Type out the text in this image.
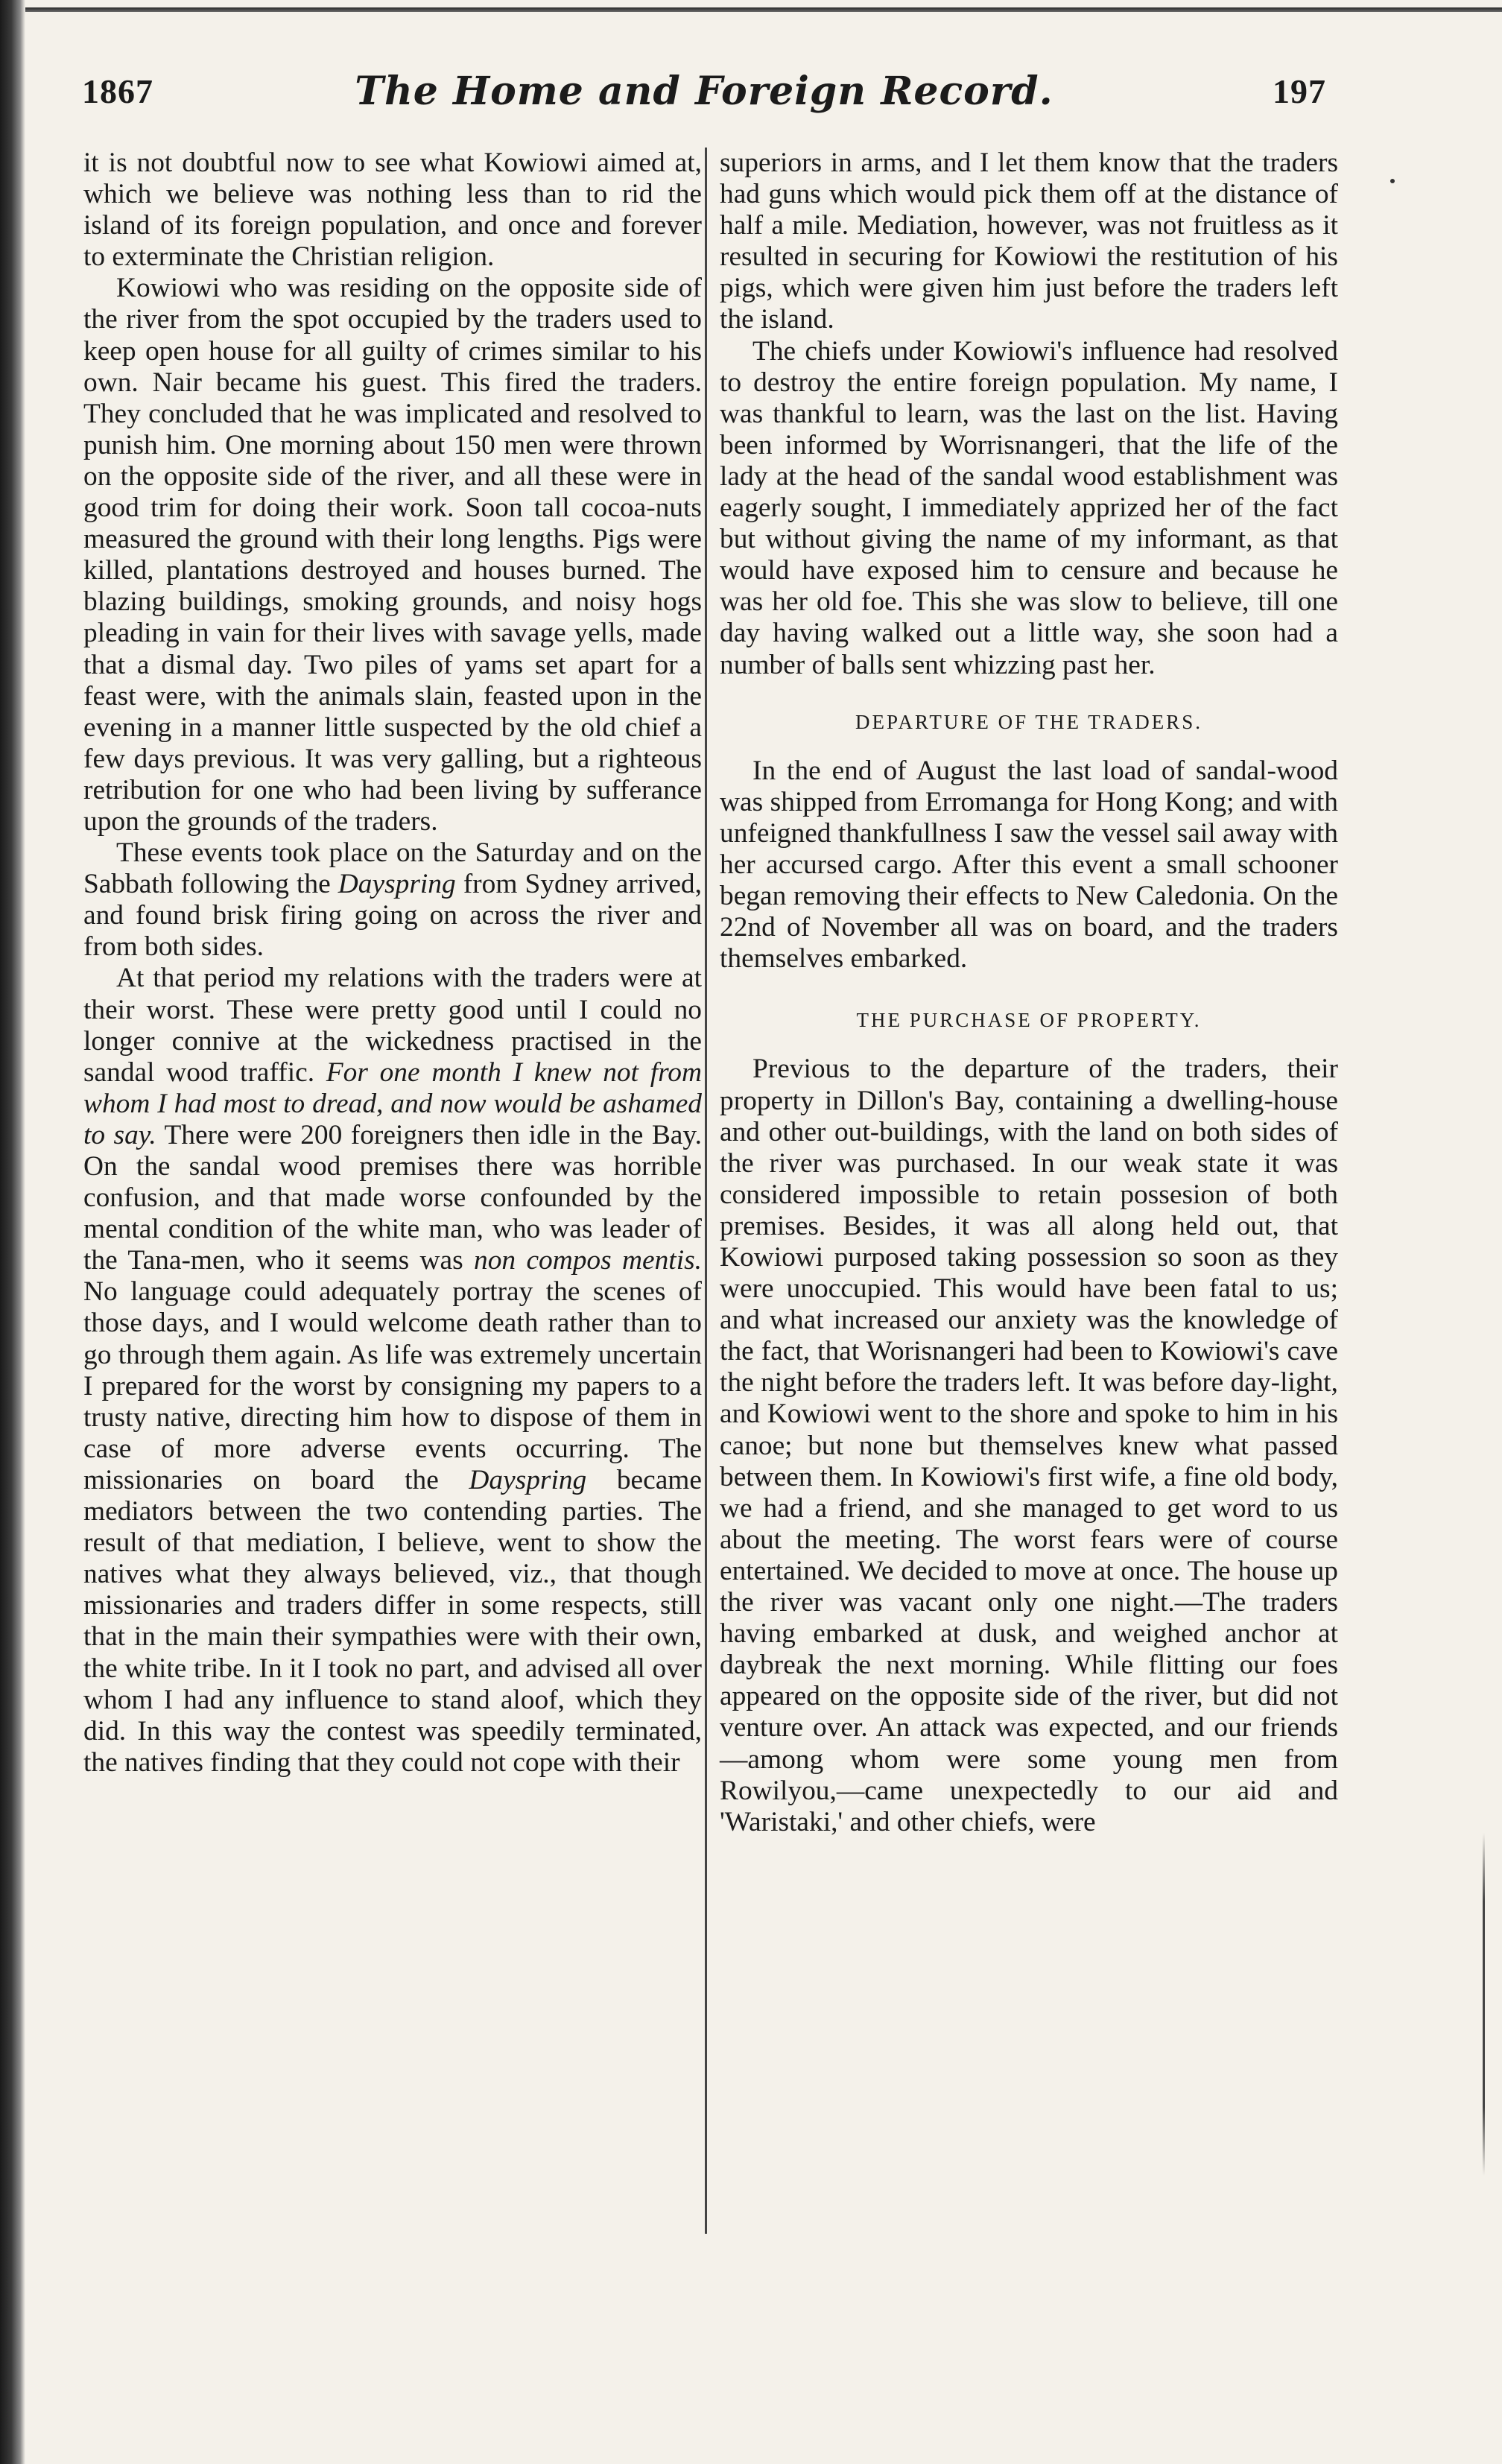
1867	The Home and Foreign Record.	197

it is not doubtful now to see what Kowiowi aimed at, which we believe was nothing less than to rid the island of its foreign population, and once and forever to exterminate the Christian religion.

Kowiowi who was residing on the opposite side of the river from the spot occupied by the traders used to keep open house for all guilty of crimes similar to his own. Nair became his guest. This fired the traders. They concluded that he was implicated and resolved to punish him. One morning about 150 men were thrown on the opposite side of the river, and all these were in good trim for doing their work. Soon tall cocoa-nuts measured the ground with their long lengths. Pigs were killed, plantations destroyed and houses burned. The blazing buildings, smoking grounds, and noisy hogs pleading in vain for their lives with savage yells, made that a dismal day. Two piles of yams set apart for a feast were, with the animals slain, feasted upon in the evening in a manner little suspected by the old chief a few days previous. It was very galling, but a righteous retribution for one who had been living by sufferance upon the grounds of the traders.

These events took place on the Saturday and on the Sabbath following the Dayspring from Sydney arrived, and found brisk firing going on across the river and from both sides.

At that period my relations with the traders were at their worst. These were pretty good until I could no longer connive at the wickedness practised in the sandal wood traffic. For one month I knew not from whom I had most to dread, and now would be ashamed to say. There were 200 foreigners then idle in the Bay. On the sandal wood premises there was horrible confusion, and that made worse confounded by the mental condition of the white man, who was leader of the Tana-men, who it seems was non compos mentis. No language could adequately portray the scenes of those days, and I would welcome death rather than to go through them again. As life was extremely uncertain I prepared for the worst by consigning my papers to a trusty native, directing him how to dispose of them in case of more adverse events occurring. The missionaries on board the Dayspring became mediators between the two contending parties. The result of that mediation, I believe, went to show the natives what they always believed, viz., that though missionaries and traders differ in some respects, still that in the main their sympathies were with their own, the white tribe. In it I took no part, and advised all over whom I had any influence to stand aloof, which they did. In this way the contest was speedily terminated, the natives finding that they could not cope with their

superiors in arms, and I let them know that the traders had guns which would pick them off at the distance of half a mile. Mediation, however, was not fruitless as it resulted in securing for Kowiowi the restitution of his pigs, which were given him just before the traders left the island.

The chiefs under Kowiowi's influence had resolved to destroy the entire foreign population. My name, I was thankful to learn, was the last on the list. Having been informed by Worrisnangeri, that the life of the lady at the head of the sandal wood establishment was eagerly sought, I immediately apprized her of the fact but without giving the name of my informant, as that would have exposed him to censure and because he was her old foe. This she was slow to believe, till one day having walked out a little way, she soon had a number of balls sent whizzing past her.

DEPARTURE OF THE TRADERS.

In the end of August the last load of sandal-wood was shipped from Erromanga for Hong Kong; and with unfeigned thankfullness I saw the vessel sail away with her accursed cargo. After this event a small schooner began removing their effects to New Caledonia. On the 22nd of November all was on board, and the traders themselves embarked.

THE PURCHASE OF PROPERTY.

Previous to the departure of the traders, their property in Dillon's Bay, containing a dwelling-house and other out-buildings, with the land on both sides of the river was purchased. In our weak state it was considered impossible to retain possesion of both premises. Besides, it was all along held out, that Kowiowi purposed taking possession so soon as they were unoccupied. This would have been fatal to us; and what increased our anxiety was the knowledge of the fact, that Worisnangeri had been to Kowiowi's cave the night before the traders left. It was before day-light, and Kowiowi went to the shore and spoke to him in his canoe; but none but themselves knew what passed between them. In Kowiowi's first wife, a fine old body, we had a friend, and she managed to get word to us about the meeting. The worst fears were of course entertained. We decided to move at once. The house up the river was vacant only one night.—The traders having embarked at dusk, and weighed anchor at daybreak the next morning. While flitting our foes appeared on the opposite side of the river, but did not venture over. An attack was expected, and our friends—among whom were some young men from Rowilyou,—came unexpectedly to our aid and 'Waristaki,' and other chiefs, were
